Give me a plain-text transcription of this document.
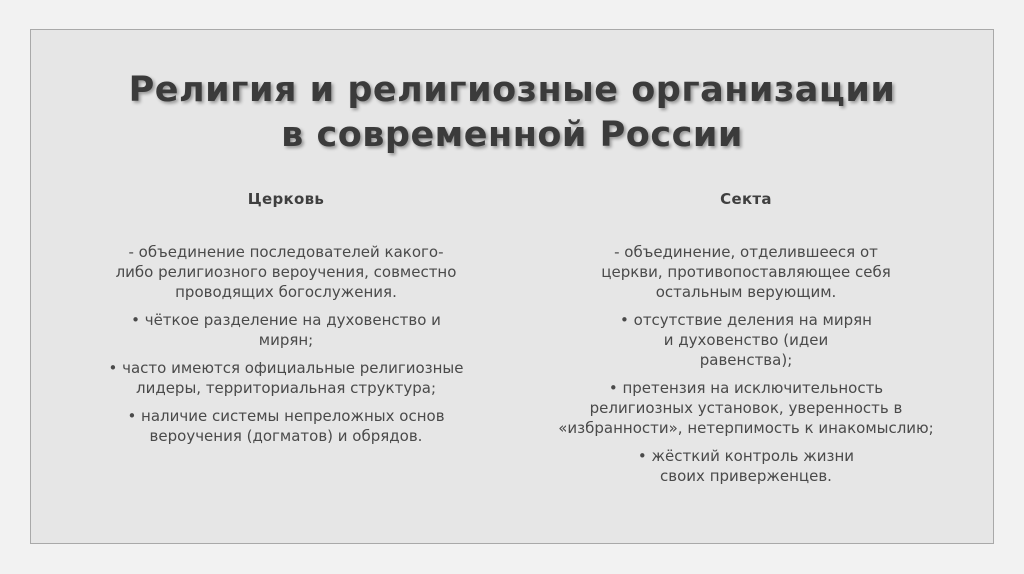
Религия и религиозные организации
в современной России
Церковь
- объединение последователей какого-либо религиозного вероучения, совместно проводящих богослужения.
• чёткое разделение на духовенство и мирян;
• часто имеются официальные религиозные лидеры, территориальная структура;
• наличие системы непреложных основ вероучения (догматов) и обрядов.
Секта
- объединение, отделившееся от церкви, противопоставляющее себя остальным верующим.
• отсутствие деления на мирян и духовенство (идеи равенства);
• претензия на исключительность религиозных установок, уверенность в «избранности», нетерпимость к инакомыслию;
• жёсткий контроль жизни своих приверженцев.
